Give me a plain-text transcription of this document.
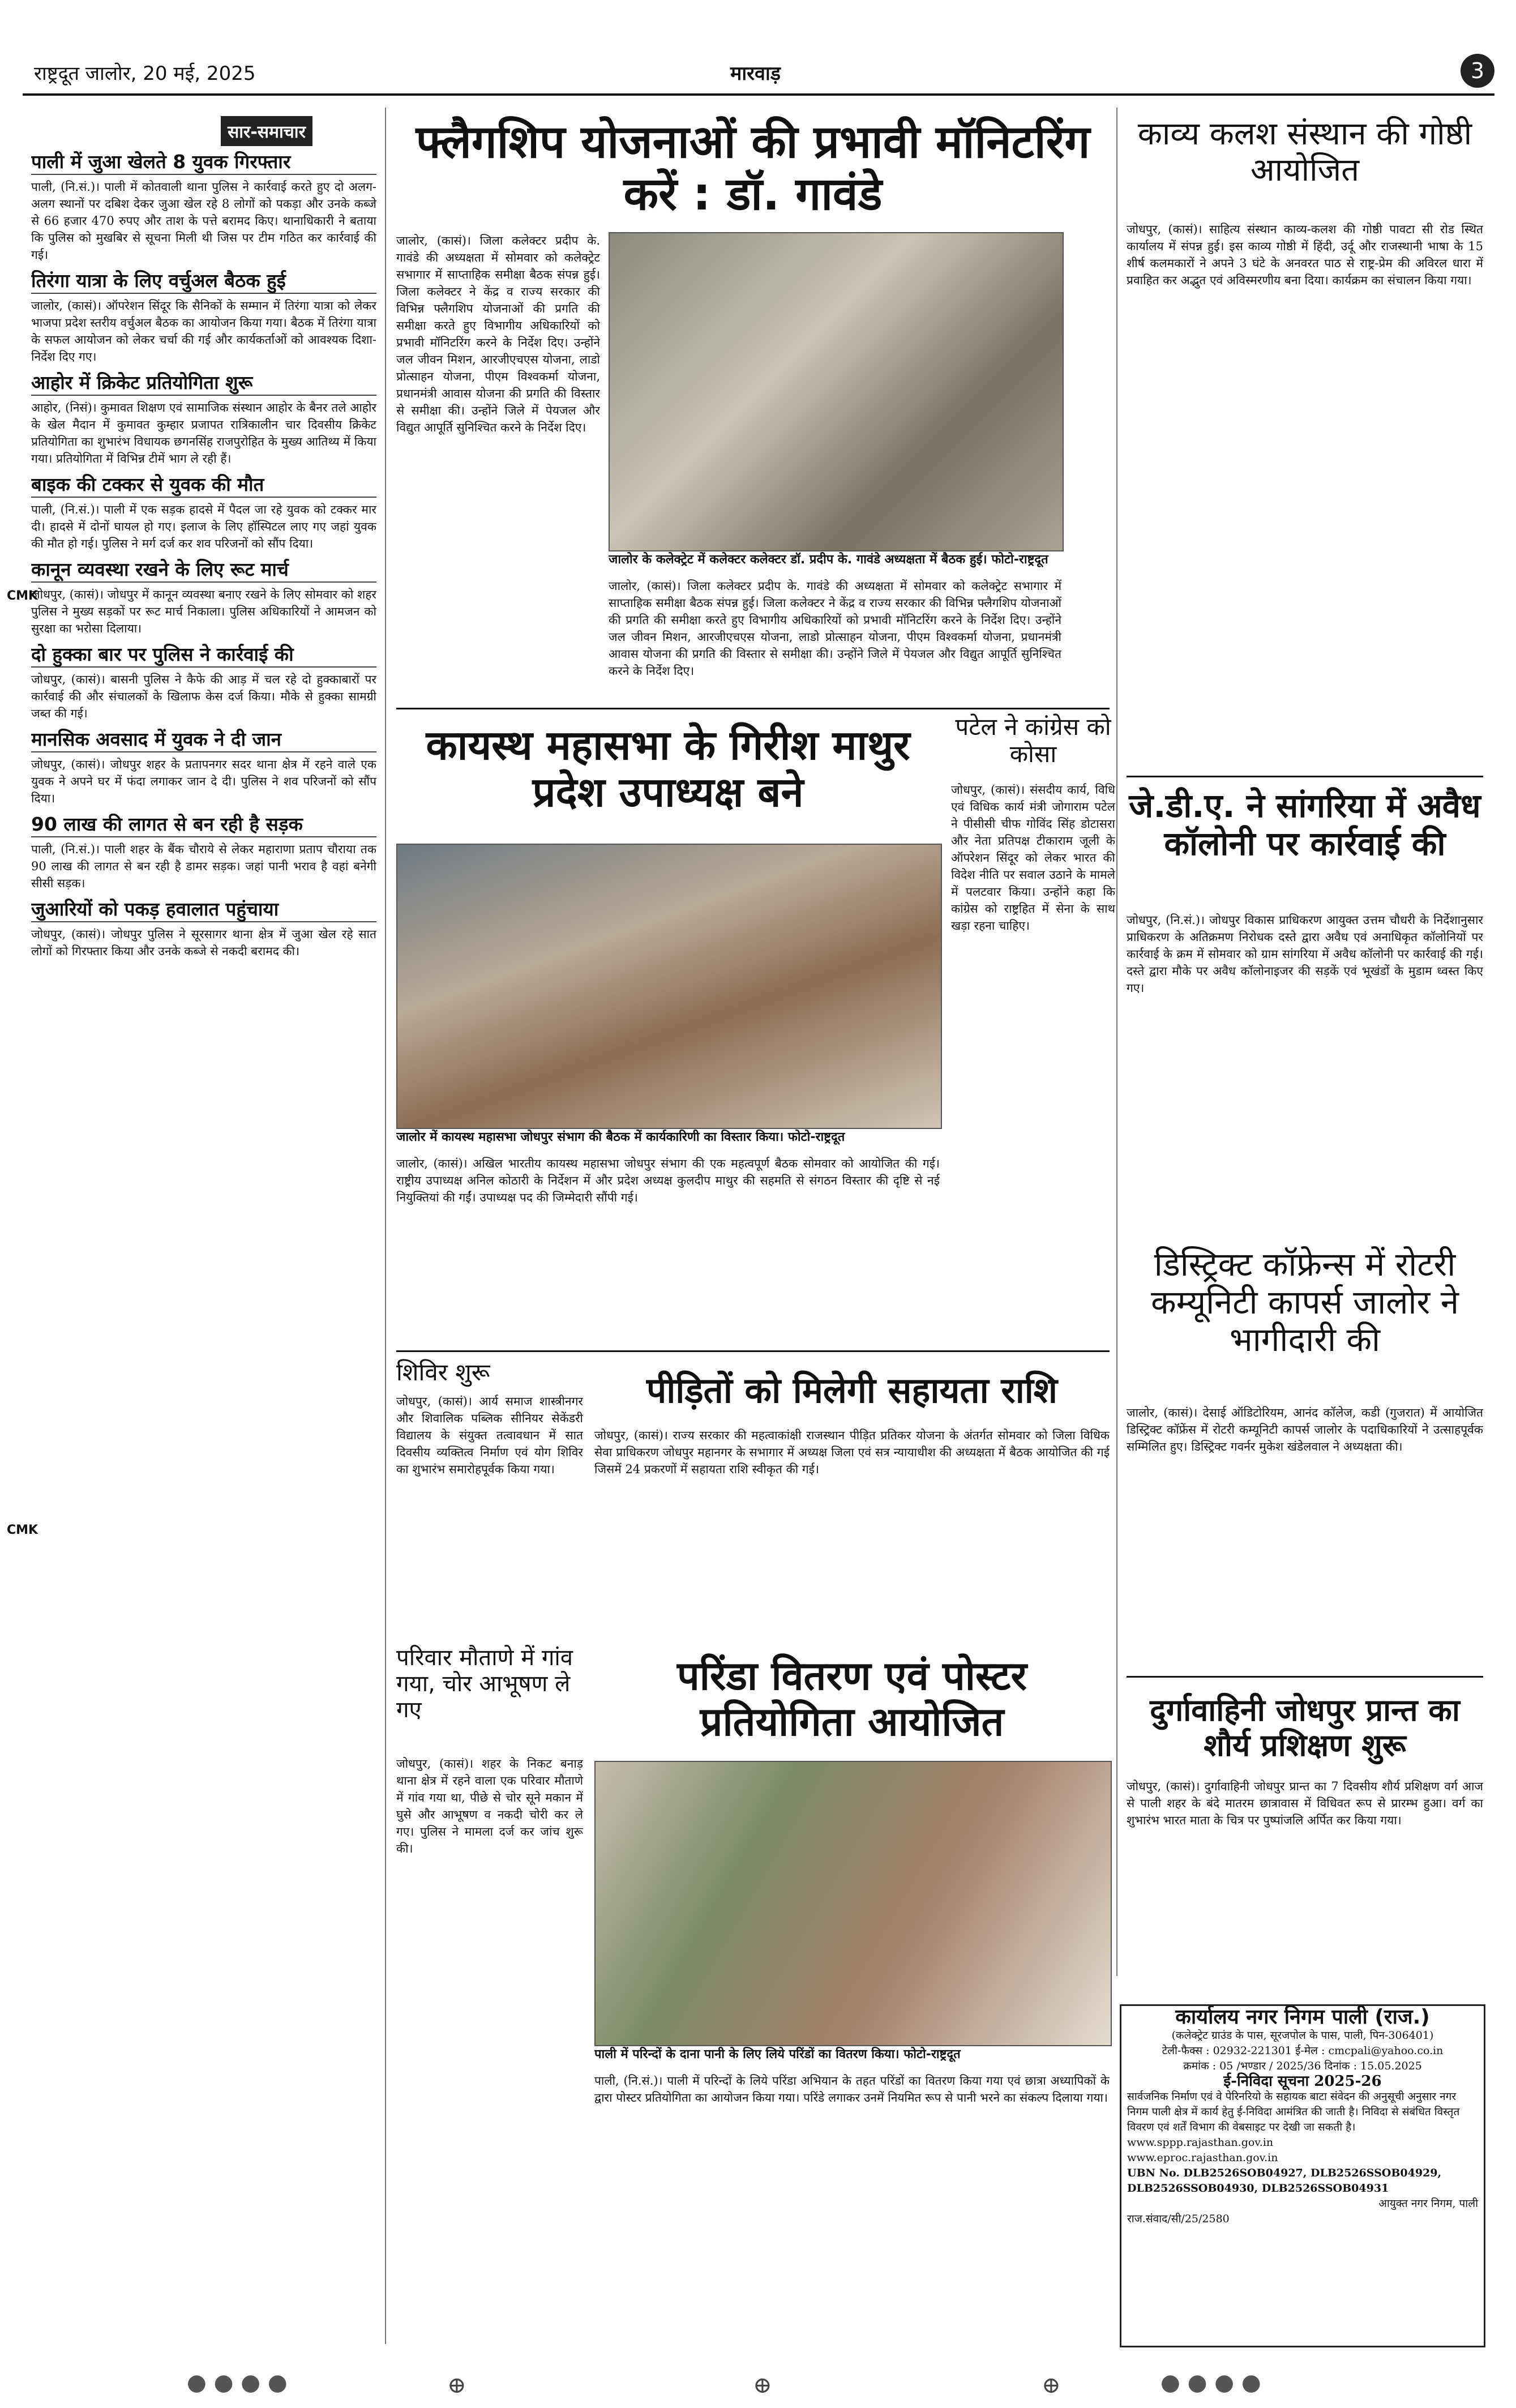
राष्ट्रदूत जालोर, 20 मई, 2025	मारवाड़	3
सार-समाचार
पाली में जुआ खेलते 8 युवक गिरफ्तार

पाली, (नि.सं.)। पाली में कोतवाली थाना पुलिस ने कार्रवाई करते हुए दो अलग-अलग स्थानों पर दबिश देकर जुआ खेल रहे 8 लोगों को पकड़ा और उनके कब्जे से 66 हजार 470 रुपए और ताश के पत्ते बरामद किए। थानाधिकारी ने बताया कि पुलिस को मुखबिर से सूचना मिली थी जिस पर टीम गठित कर कार्रवाई की गई।

तिरंगा यात्रा के लिए वर्चुअल बैठक हुई

जालोर, (कासं)। ऑपरेशन सिंदूर कि सैनिकों के सम्मान में तिरंगा यात्रा को लेकर भाजपा प्रदेश स्तरीय वर्चुअल बैठक का आयोजन किया गया। बैठक में तिरंगा यात्रा के सफल आयोजन को लेकर चर्चा की गई और कार्यकर्ताओं को आवश्यक दिशा-निर्देश दिए गए।

आहोर में क्रिकेट प्रतियोगिता शुरू

आहोर, (निसं)। कुमावत शिक्षण एवं सामाजिक संस्थान आहोर के बैनर तले आहोर के खेल मैदान में कुमावत कुम्हार प्रजापत रात्रिकालीन चार दिवसीय क्रिकेट प्रतियोगिता का शुभारंभ विधायक छगनसिंह राजपुरोहित के मुख्य आतिथ्य में किया गया। प्रतियोगिता में विभिन्न टीमें भाग ले रही हैं।

बाइक की टक्कर से युवक की मौत

पाली, (नि.सं.)। पाली में एक सड़क हादसे में पैदल जा रहे युवक को टक्कर मार दी। हादसे में दोनों घायल हो गए। इलाज के लिए हॉस्पिटल लाए गए जहां युवक की मौत हो गई। पुलिस ने मर्ग दर्ज कर शव परिजनों को सौंप दिया।

कानून व्यवस्था रखने के लिए रूट मार्च

जोधपुर, (कासं)। जोधपुर में कानून व्यवस्था बनाए रखने के लिए सोमवार को शहर पुलिस ने मुख्य सड़कों पर रूट मार्च निकाला। पुलिस अधिकारियों ने आमजन को सुरक्षा का भरोसा दिलाया।

दो हुक्का बार पर पुलिस ने कार्रवाई की

जोधपुर, (कासं)। बासनी पुलिस ने कैफे की आड़ में चल रहे दो हुक्काबारों पर कार्रवाई की और संचालकों के खिलाफ केस दर्ज किया। मौके से हुक्का सामग्री जब्त की गई।

मानसिक अवसाद में युवक ने दी जान

जोधपुर, (कासं)। जोधपुर शहर के प्रतापनगर सदर थाना क्षेत्र में रहने वाले एक युवक ने अपने घर में फंदा लगाकर जान दे दी। पुलिस ने शव परिजनों को सौंप दिया।

90 लाख की लागत से बन रही है सड़क

पाली, (नि.सं.)। पाली शहर के बैंक चौराये से लेकर महाराणा प्रताप चौराया तक 90 लाख की लागत से बन रही है डामर सड़क। जहां पानी भराव है वहां बनेगी सीसी सड़क।

जुआरियों को पकड़ हवालात पहुंचाया

जोधपुर, (कासं)। जोधपुर पुलिस ने सूरसागर थाना क्षेत्र में जुआ खेल रहे सात लोगों को गिरफ्तार किया और उनके कब्जे से नकदी बरामद की।

फ्लैगशिप योजनाओं की प्रभावी मॉनिटरिंग करें : डॉ. गावंडे
जालोर, (कासं)। जिला कलेक्टर प्रदीप के. गावंडे की अध्यक्षता में सोमवार को कलेक्ट्रेट सभागार में साप्ताहिक समीक्षा बैठक संपन्न हुई। जिला कलेक्टर ने केंद्र व राज्य सरकार की विभिन्न फ्लैगशिप योजनाओं की प्रगति की समीक्षा करते हुए विभागीय अधिकारियों को प्रभावी मॉनिटरिंग करने के निर्देश दिए। उन्होंने जल जीवन मिशन, आरजीएचएस योजना, लाडो प्रोत्साहन योजना, पीएम विश्वकर्मा योजना, प्रधानमंत्री आवास योजना की प्रगति की विस्तार से समीक्षा की। उन्होंने जिले में पेयजल और विद्युत आपूर्ति सुनिश्चित करने के निर्देश दिए।
जालोर के कलेक्ट्रेट में कलेक्टर कलेक्टर डॉ. प्रदीप के. गावंडे अध्यक्षता में बैठक हुई। फोटो-राष्ट्रदूत
जालोर, (कासं)। जिला कलेक्टर प्रदीप के. गावंडे की अध्यक्षता में सोमवार को कलेक्ट्रेट सभागार में साप्ताहिक समीक्षा बैठक संपन्न हुई। जिला कलेक्टर ने केंद्र व राज्य सरकार की विभिन्न फ्लैगशिप योजनाओं की प्रगति की समीक्षा करते हुए विभागीय अधिकारियों को प्रभावी मॉनिटरिंग करने के निर्देश दिए। उन्होंने जल जीवन मिशन, आरजीएचएस योजना, लाडो प्रोत्साहन योजना, पीएम विश्वकर्मा योजना, प्रधानमंत्री आवास योजना की प्रगति की विस्तार से समीक्षा की। उन्होंने जिले में पेयजल और विद्युत आपूर्ति सुनिश्चित करने के निर्देश दिए।
कायस्थ महासभा के गिरीश माथुर प्रदेश उपाध्यक्ष बने
जालोर में कायस्थ महासभा जोधपुर संभाग की बैठक में कार्यकारिणी का विस्तार किया। फोटो-राष्ट्रदूत
जालोर, (कासं)। अखिल भारतीय कायस्थ महासभा जोधपुर संभाग की एक महत्वपूर्ण बैठक सोमवार को आयोजित की गई। राष्ट्रीय उपाध्यक्ष अनिल कोठारी के निर्देशन में और प्रदेश अध्यक्ष कुलदीप माथुर की सहमति से संगठन विस्तार की दृष्टि से नई नियुक्तियां की गईं। उपाध्यक्ष पद की जिम्मेदारी सौंपी गई।
पटेल ने कांग्रेस को कोसा
जोधपुर, (कासं)। संसदीय कार्य, विधि एवं विधिक कार्य मंत्री जोगाराम पटेल ने पीसीसी चीफ गोविंद सिंह डोटासरा और नेता प्रतिपक्ष टीकाराम जूली के ऑपरेशन सिंदूर को लेकर भारत की विदेश नीति पर सवाल उठाने के मामले में पलटवार किया। उन्होंने कहा कि कांग्रेस को राष्ट्रहित में सेना के साथ खड़ा रहना चाहिए।
काव्य कलश संस्थान की गोष्ठी आयोजित
जोधपुर, (कासं)। साहित्य संस्थान काव्य-कलश की गोष्ठी पावटा सी रोड स्थित कार्यालय में संपन्न हुई। इस काव्य गोष्ठी में हिंदी, उर्दू और राजस्थानी भाषा के 15 शीर्ष कलमकारों ने अपने 3 घंटे के अनवरत पाठ से राष्ट्र-प्रेम की अविरल धारा में प्रवाहित कर अद्भुत एवं अविस्मरणीय बना दिया। कार्यक्रम का संचालन किया गया।
जे.डी.ए. ने सांगरिया में अवैध कॉलोनी पर कार्रवाई की
जोधपुर, (नि.सं.)। जोधपुर विकास प्राधिकरण आयुक्त उत्तम चौधरी के निर्देशानुसार प्राधिकरण के अतिक्रमण निरोधक दस्ते द्वारा अवैध एवं अनाधिकृत कॉलोनियों पर कार्रवाई के क्रम में सोमवार को ग्राम सांगरिया में अवैध कॉलोनी पर कार्रवाई की गई। दस्ते द्वारा मौके पर अवैध कॉलोनाइजर की सड़कें एवं भूखंडों के मुडाम ध्वस्त किए गए।
डिस्ट्रिक्ट कॉफ्रेन्स में रोटरी कम्यूनिटी कापर्स जालोर ने भागीदारी की
जालोर, (कासं)। देसाई ऑडिटोरियम, आनंद कॉलेज, कडी (गुजरात) में आयोजित डिस्ट्रिक्ट कॉफ्रेंस में रोटरी कम्यूनिटी कापर्स जालोर के पदाधिकारियों ने उत्साहपूर्वक सम्मिलित हुए। डिस्ट्रिक्ट गवर्नर मुकेश खंडेलवाल ने अध्यक्षता की।
दुर्गावाहिनी जोधपुर प्रान्त का शौर्य प्रशिक्षण शुरू
जोधपुर, (कासं)। दुर्गावाहिनी जोधपुर प्रान्त का 7 दिवसीय शौर्य प्रशिक्षण वर्ग आज से पाली शहर के बंदे मातरम छात्रावास में विधिवत रूप से प्रारम्भ हुआ। वर्ग का शुभारंभ भारत माता के चित्र पर पुष्पांजलि अर्पित कर किया गया।
शिविर शुरू
जोधपुर, (कासं)। आर्य समाज शास्त्रीनगर और शिवालिक पब्लिक सीनियर सेकेंडरी विद्यालय के संयुक्त तत्वावधान में सात दिवसीय व्यक्तित्व निर्माण एवं योग शिविर का शुभारंभ समारोहपूर्वक किया गया।
पीड़ितों को मिलेगी सहायता राशि
जोधपुर, (कासं)। राज्य सरकार की महत्वाकांक्षी राजस्थान पीड़ित प्रतिकर योजना के अंतर्गत सोमवार को जिला विधिक सेवा प्राधिकरण जोधपुर महानगर के सभागार में अध्यक्ष जिला एवं सत्र न्यायाधीश की अध्यक्षता में बैठक आयोजित की गई जिसमें 24 प्रकरणों में सहायता राशि स्वीकृत की गई।
परिवार मौताणे में गांव गया, चोर आभूषण ले गए
जोधपुर, (कासं)। शहर के निकट बनाड़ थाना क्षेत्र में रहने वाला एक परिवार मौताणे में गांव गया था, पीछे से चोर सूने मकान में घुसे और आभूषण व नकदी चोरी कर ले गए। पुलिस ने मामला दर्ज कर जांच शुरू की।
परिंडा वितरण एवं पोस्टर प्रतियोगिता आयोजित
पाली में परिन्दों के दाना पानी के लिए लिये परिंडों का वितरण किया। फोटो-राष्ट्रदूत
पाली, (नि.सं.)। पाली में परिन्दों के लिये परिंडा अभियान के तहत परिंडों का वितरण किया गया एवं छात्रा अध्यापिकों के द्वारा पोस्टर प्रतियोगिता का आयोजन किया गया। परिंडे लगाकर उनमें नियमित रूप से पानी भरने का संकल्प दिलाया गया।
कार्यालय नगर निगम पाली (राज.)
(कलेक्ट्रेट ग्राउंड के पास, सूरजपोल के पास, पाली, पिन-306401)
टेली-फैक्स : 02932-221301 ई-मेल : cmcpali@yahoo.co.in
क्रमांक : 05 /भण्डार / 2025/36 दिनांक : 15.05.2025
ई-निविदा सूचना 2025-26
सार्वजनिक निर्माण एवं वे पेरिनरियो के सहायक बाटा संवेदन की अनुसूची अनुसार नगर निगम पाली क्षेत्र में कार्य हेतु ई-निविदा आमंत्रित की जाती है। निविदा से संबंधित विस्तृत विवरण एवं शर्तें विभाग की वेबसाइट पर देखी जा सकती है।
www.sppp.rajasthan.gov.in
www.eproc.rajasthan.gov.in
UBN No. DLB2526SOB04927, DLB2526SSOB04929, DLB2526SSOB04930, DLB2526SSOB04931
आयुक्त नगर निगम, पाली
राज.संवाद/सी/25/2580
CMK
CMK
● ● ● ●	● ● ● ●
⊕	⊕	⊕
